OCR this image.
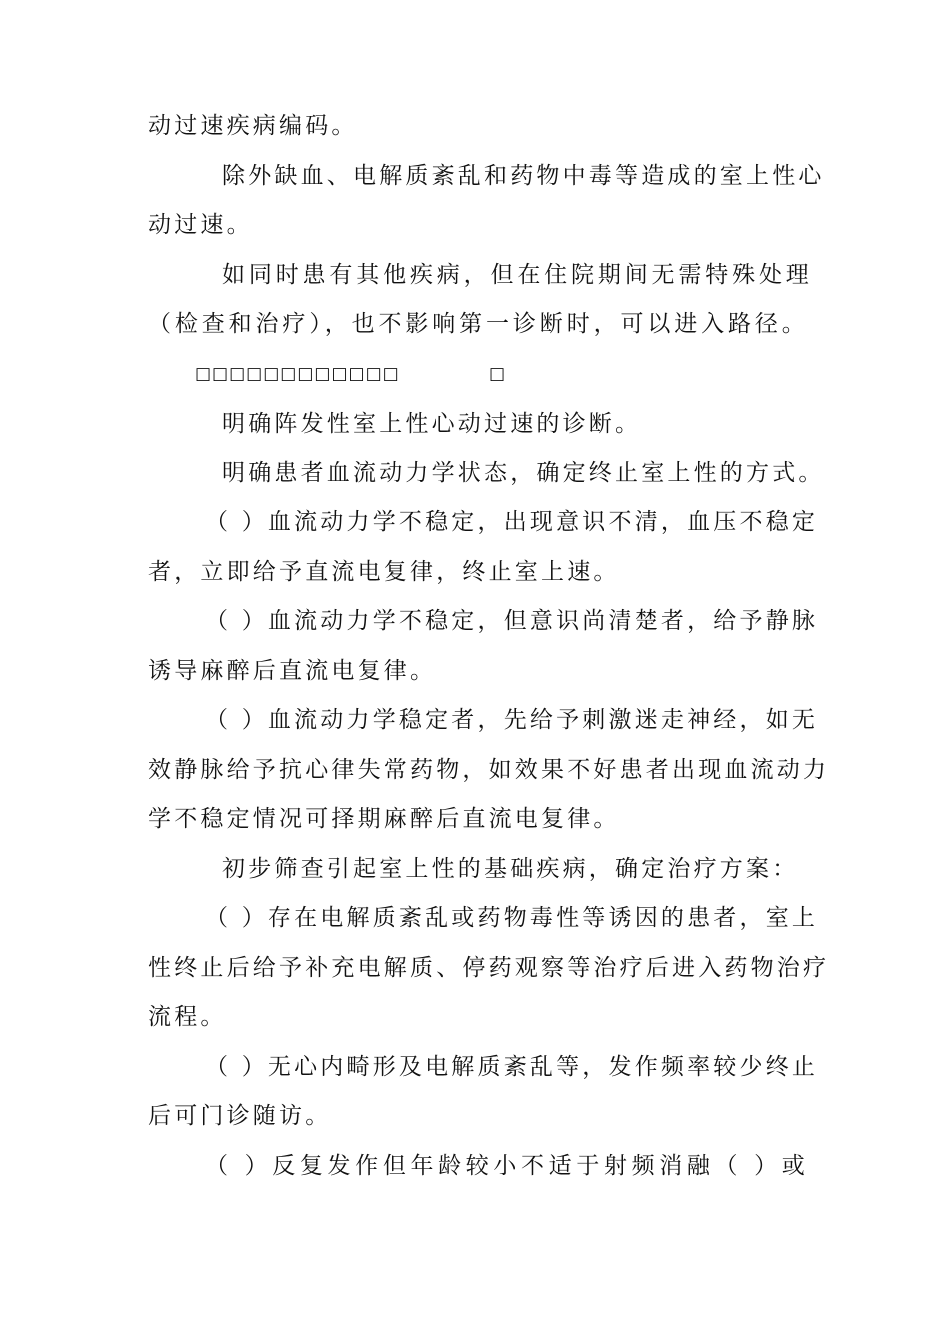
动过速疾病编码。
除外缺血、电解质紊乱和药物中毒等造成的室上性心
动过速。
如同时患有其他疾病，但在住院期间无需特殊处理
（检查和治疗），也不影响第一诊断时，可以进入路径。
□□□□□□□□□□□□	□
明确阵发性室上性心动过速的诊断。
明确患者血流动力学状态，确定终止室上性的方式。
（ ）血流动力学不稳定，出现意识不清，血压不稳定
者，立即给予直流电复律，终止室上速。
（ ）血流动力学不稳定，但意识尚清楚者，给予静脉
诱导麻醉后直流电复律。
（ ）血流动力学稳定者，先给予刺激迷走神经，如无
效静脉给予抗心律失常药物，如效果不好患者出现血流动力
学不稳定情况可择期麻醉后直流电复律。
初步筛查引起室上性的基础疾病，确定治疗方案：
（ ）存在电解质紊乱或药物毒性等诱因的患者，室上
性终止后给予补充电解质、停药观察等治疗后进入药物治疗
流程。
（ ）无心内畸形及电解质紊乱等，发作频率较少终止
后可门诊随访。
（ ）反复发作但年龄较小不适于射频消融（ ）或
